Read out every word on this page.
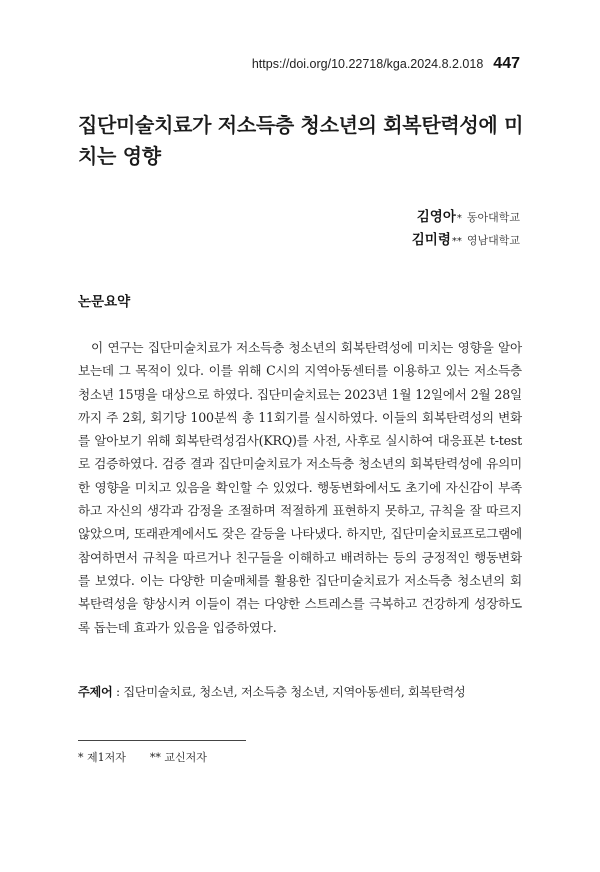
https://doi.org/10.22718/kga.2024.8.2.018 447
집단미술치료가 저소득층 청소년의 회복탄력성에 미치는 영향
김영아 * 동아대학교
김미령 ** 영남대학교
논문요약

이 연구는 집단미술치료가 저소득층 청소년의 회복탄력성에 미치는 영향을 알아보는데 그 목적이 있다. 이를 위해 C시의 지역아동센터를 이용하고 있는 저소득층 청소년 15명을 대상으로 하였다. 집단미술치료는 2023년 1월 12일에서 2월 28일까지 주 2회, 회기당 100분씩 총 11회기를 실시하였다. 이들의 회복탄력성의 변화를 알아보기 위해 회복탄력성검사(KRQ)를 사전, 사후로 실시하여 대응표본 t-test로 검증하였다. 검증 결과 집단미술치료가 저소득층 청소년의 회복탄력성에 유의미한 영향을 미치고 있음을 확인할 수 있었다. 행동변화에서도 초기에 자신감이 부족하고 자신의 생각과 감정을 조절하며 적절하게 표현하지 못하고, 규칙을 잘 따르지 않았으며, 또래관계에서도 잦은 갈등을 나타냈다. 하지만, 집단미술치료프로그램에 참여하면서 규칙을 따르거나 친구들을 이해하고 배려하는 등의 긍정적인 행동변화를 보였다. 이는 다양한 미술매체를 활용한 집단미술치료가 저소득층 청소년의 회복탄력성을 향상시켜 이들이 겪는 다양한 스트레스를 극복하고 건강하게 성장하도록 돕는데 효과가 있음을 입증하였다.

주제어 : 집단미술치료, 청소년, 저소득층 청소년, 지역아동센터, 회복탄력성
* 제1저자 ** 교신저자
